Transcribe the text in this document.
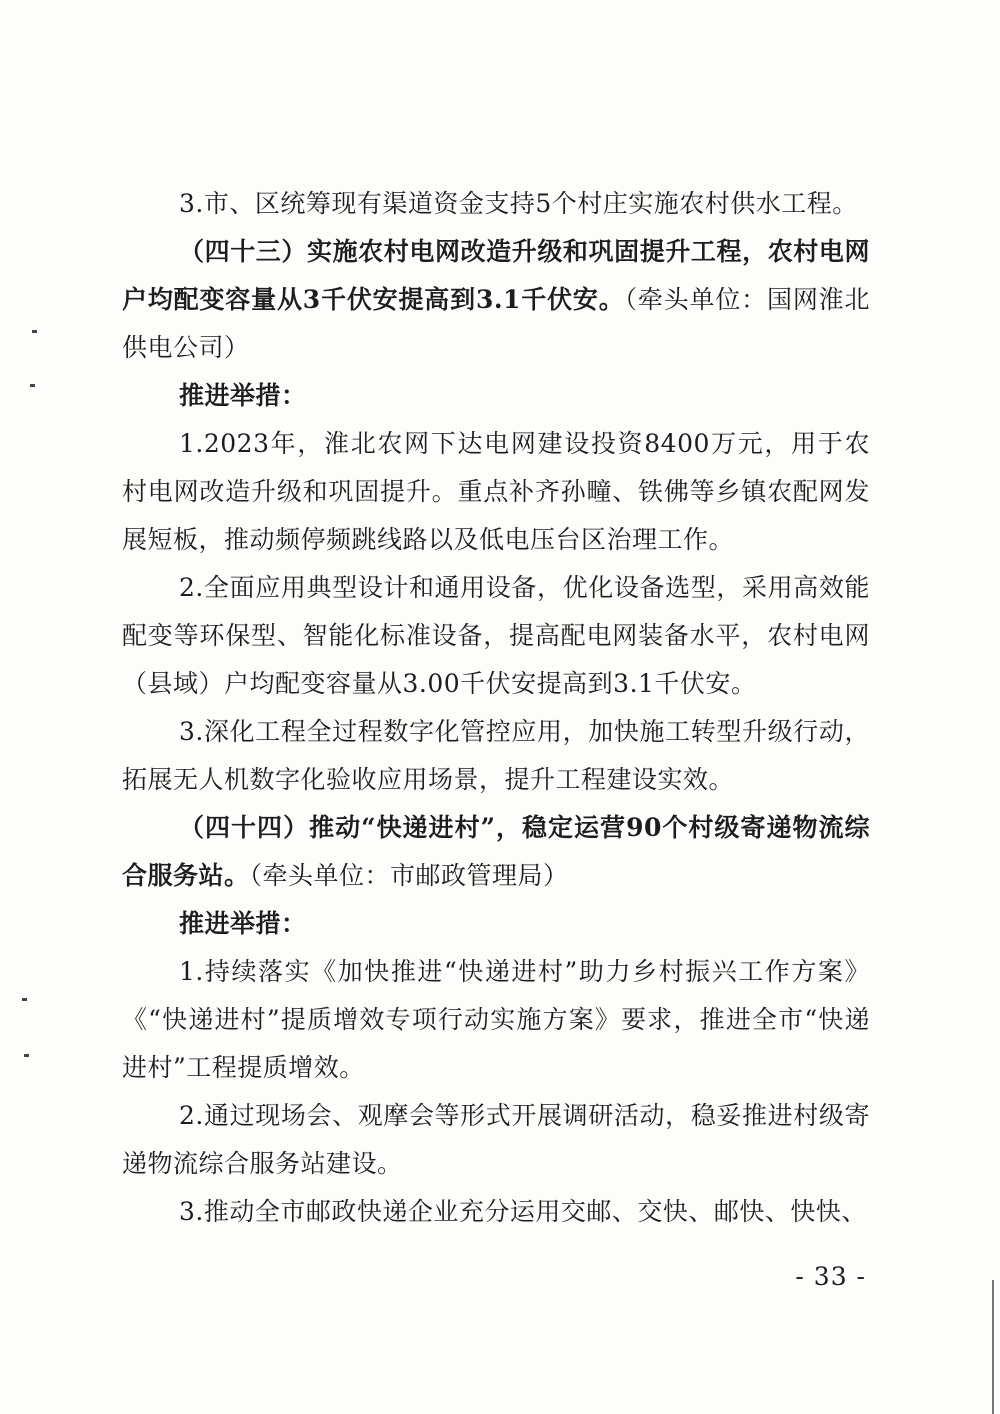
3.市、区统筹现有渠道资金支持5个村庄实施农村供水工程。
（四十三）实施农村电网改造升级和巩固提升工程，农村电网户均配变容量从3千伏安提高到3.1千伏安。（牵头单位：国网淮北供电公司）
推进举措：
1.2023年，淮北农网下达电网建设投资8400万元，用于农村电网改造升级和巩固提升。重点补齐孙疃、铁佛等乡镇农配网发展短板，推动频停频跳线路以及低电压台区治理工作。
2.全面应用典型设计和通用设备，优化设备选型，采用高效能配变等环保型、智能化标准设备，提高配电网装备水平，农村电网（县域）户均配变容量从3.00千伏安提高到3.1千伏安。
3.深化工程全过程数字化管控应用，加快施工转型升级行动，拓展无人机数字化验收应用场景，提升工程建设实效。
（四十四）推动“快递进村”，稳定运营90个村级寄递物流综合服务站。（牵头单位：市邮政管理局）
推进举措：
1.持续落实《加快推进“快递进村”助力乡村振兴工作方案》《“快递进村”提质增效专项行动实施方案》要求，推进全市“快递进村”工程提质增效。
2.通过现场会、观摩会等形式开展调研活动，稳妥推进村级寄递物流综合服务站建设。
3.推动全市邮政快递企业充分运用交邮、交快、邮快、快快、
- 33 -
